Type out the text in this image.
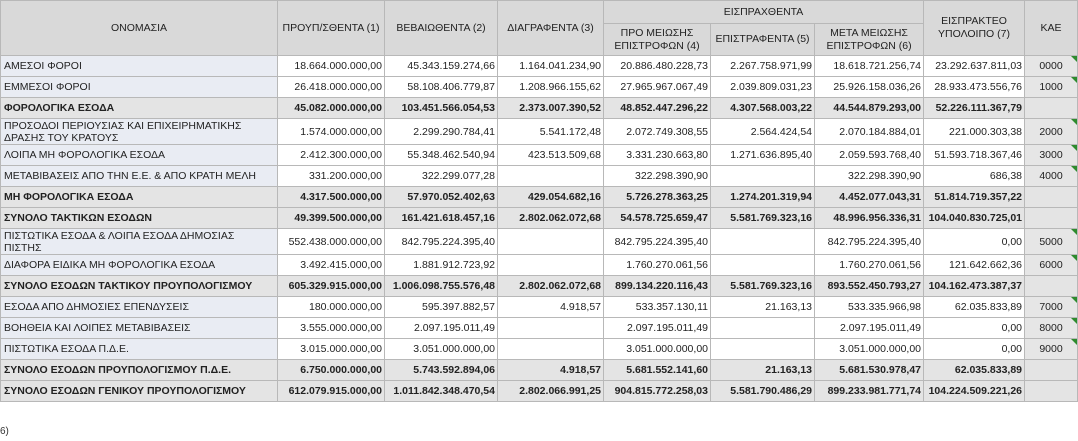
ΟΝΟΜΑΣΙΑ	ΠΡΟΥΠ/ΣΘΕΝΤΑ (1)	ΒΕΒΑΙΩΘΕΝΤΑ (2)	ΔΙΑΓΡΑΦΕΝΤΑ (3)	ΕΙΣΠΡΑΧΘΕΝΤΑ			ΕΙΣΠΡΑΚΤΕΟ ΥΠΟΛΟΙΠΟ (7)	ΚΑΕ
				ΠΡΟ ΜΕΙΩΣΗΣ ΕΠΙΣΤΡΟΦΩΝ (4)	ΕΠΙΣΤΡΑΦΕΝΤΑ (5)	ΜΕΤΑ ΜΕΙΩΣΗΣ ΕΠΙΣΤΡΟΦΩΝ (6)		
ΑΜΕΣΟΙ ΦΟΡΟΙ	18.664.000.000,00	45.343.159.274,66	1.164.041.234,90	20.886.480.228,73	2.267.758.971,99	18.618.721.256,74	23.292.637.811,03	0000

ΕΜΜΕΣΟΙ ΦΟΡΟΙ	26.418.000.000,00	58.108.406.779,87	1.208.966.155,62	27.965.967.067,49	2.039.809.031,23	25.926.158.036,26	28.933.473.556,76	1000

ΦΟΡΟΛΟΓΙΚΑ ΕΣΟΔΑ	45.082.000.000,00	103.451.566.054,53	2.373.007.390,52	48.852.447.296,22	4.307.568.003,22	44.544.879.293,00	52.226.111.367,79	
ΠΡΟΣΟΔΟΙ ΠΕΡΙΟΥΣΙΑΣ ΚΑΙ ΕΠΙΧΕΙΡΗΜΑΤΙΚΗΣ ΔΡΑΣΗΣ ΤΟΥ ΚΡΑΤΟΥΣ	1.574.000.000,00	2.299.290.784,41	5.541.172,48	2.072.749.308,55	2.564.424,54	2.070.184.884,01	221.000.303,38	2000

ΛΟΙΠΑ ΜΗ ΦΟΡΟΛΟΓΙΚΑ ΕΣΟΔΑ	2.412.300.000,00	55.348.462.540,94	423.513.509,68	3.331.230.663,80	1.271.636.895,40	2.059.593.768,40	51.593.718.367,46	3000

ΜΕΤΑΒΙΒΑΣΕΙΣ ΑΠΟ ΤΗΝ Ε.Ε. & ΑΠΟ ΚΡΑΤΗ ΜΕΛΗ	331.200.000,00	322.299.077,28		322.298.390,90		322.298.390,90	686,38	4000

ΜΗ ΦΟΡΟΛΟΓΙΚΑ ΕΣΟΔΑ	4.317.500.000,00	57.970.052.402,63	429.054.682,16	5.726.278.363,25	1.274.201.319,94	4.452.077.043,31	51.814.719.357,22	
ΣΥΝΟΛΟ ΤΑΚΤΙΚΩΝ ΕΣΟΔΩΝ	49.399.500.000,00	161.421.618.457,16	2.802.062.072,68	54.578.725.659,47	5.581.769.323,16	48.996.956.336,31	104.040.830.725,01	
ΠΙΣΤΩΤΙΚΑ ΕΣΟΔΑ & ΛΟΙΠΑ ΕΣΟΔΑ ΔΗΜΟΣΙΑΣ ΠΙΣΤΗΣ	552.438.000.000,00	842.795.224.395,40		842.795.224.395,40		842.795.224.395,40	0,00	5000

ΔΙΑΦΟΡΑ ΕΙΔΙΚΑ ΜΗ ΦΟΡΟΛΟΓΙΚΑ ΕΣΟΔΑ	3.492.415.000,00	1.881.912.723,92		1.760.270.061,56		1.760.270.061,56	121.642.662,36	6000

ΣΥΝΟΛΟ ΕΣΟΔΩΝ ΤΑΚΤΙΚΟΥ ΠΡΟΥΠΟΛΟΓΙΣΜΟΥ	605.329.915.000,00	1.006.098.755.576,48	2.802.062.072,68	899.134.220.116,43	5.581.769.323,16	893.552.450.793,27	104.162.473.387,37	
ΕΣΟΔΑ ΑΠΟ ΔΗΜΟΣΙΕΣ ΕΠΕΝΔΥΣΕΙΣ	180.000.000,00	595.397.882,57	4.918,57	533.357.130,11	21.163,13	533.335.966,98	62.035.833,89	7000

ΒΟΗΘΕΙΑ ΚΑΙ ΛΟΙΠΕΣ ΜΕΤΑΒΙΒΑΣΕΙΣ	3.555.000.000,00	2.097.195.011,49		2.097.195.011,49		2.097.195.011,49	0,00	8000

ΠΙΣΤΩΤΙΚΑ ΕΣΟΔΑ Π.Δ.Ε.	3.015.000.000,00	3.051.000.000,00		3.051.000.000,00		3.051.000.000,00	0,00	9000

ΣΥΝΟΛΟ ΕΣΟΔΩΝ ΠΡΟΥΠΟΛΟΓΙΣΜΟΥ Π.Δ.Ε.	6.750.000.000,00	5.743.592.894,06	4.918,57	5.681.552.141,60	21.163,13	5.681.530.978,47	62.035.833,89	
ΣΥΝΟΛΟ ΕΣΟΔΩΝ ΓΕΝΙΚΟΥ ΠΡΟΥΠΟΛΟΓΙΣΜΟΥ	612.079.915.000,00	1.011.842.348.470,54	2.802.066.991,25	904.815.772.258,03	5.581.790.486,29	899.233.981.771,74	104.224.509.221,26	
6)
